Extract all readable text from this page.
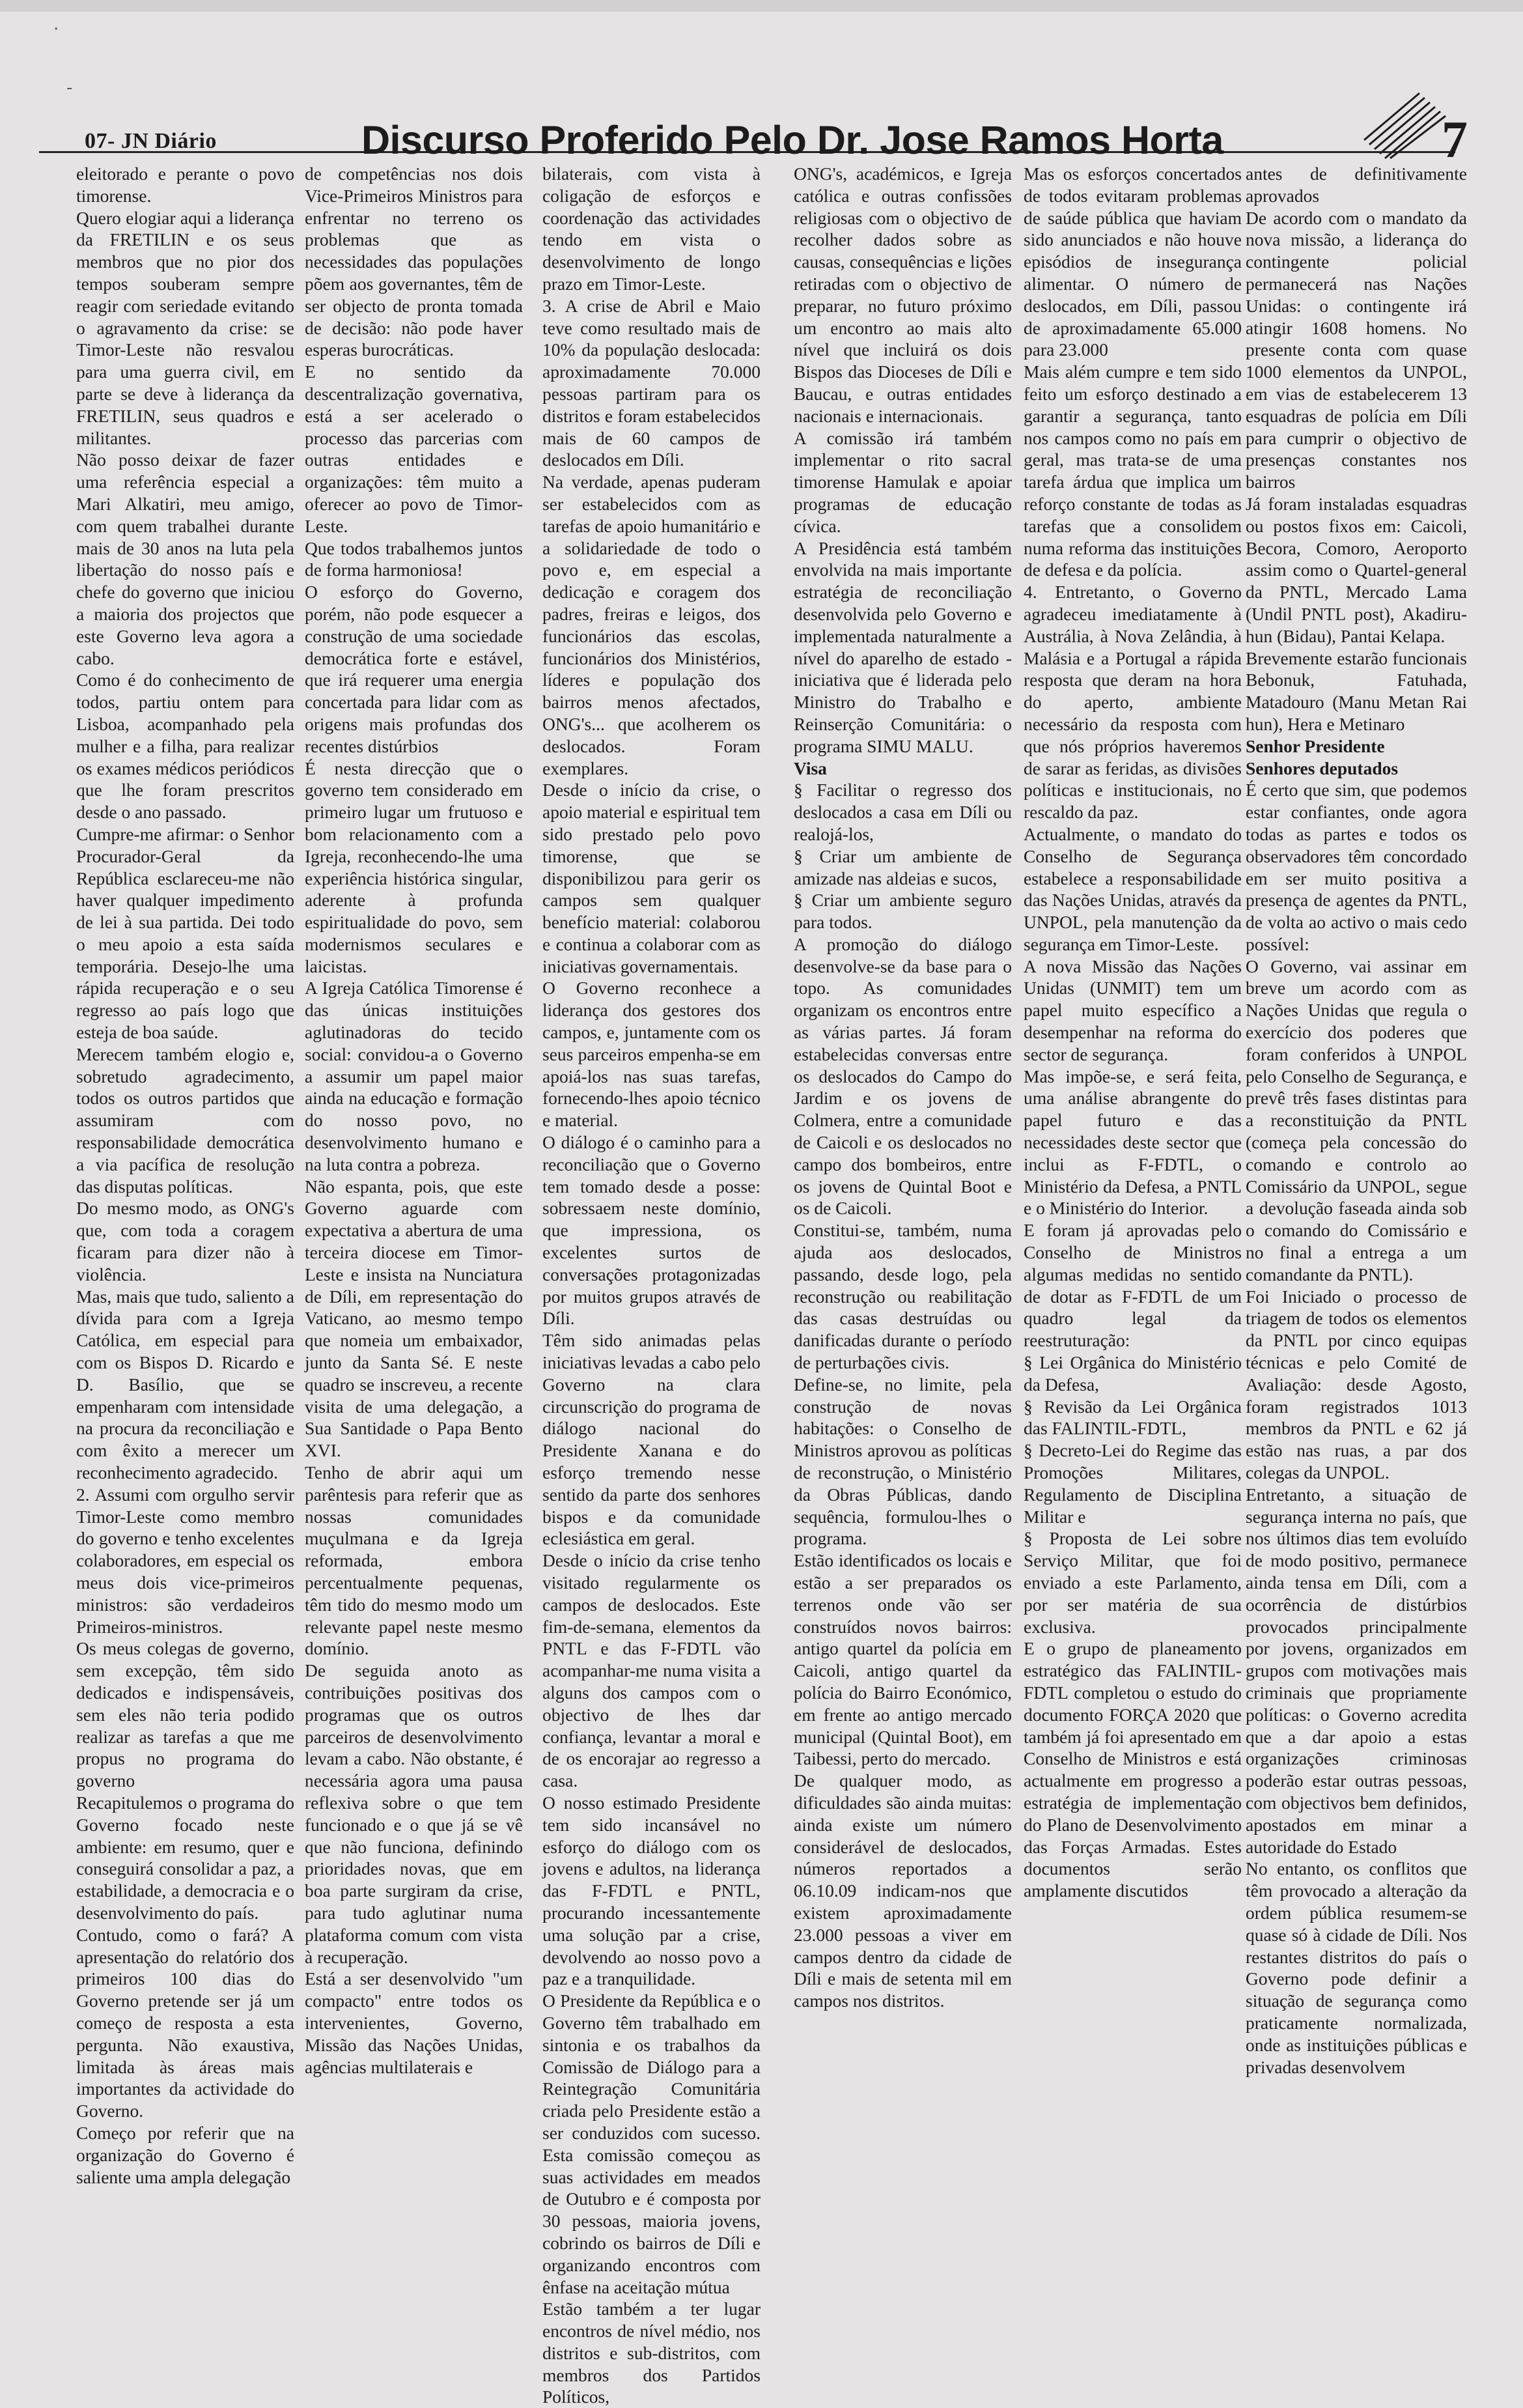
·
-
07- JN Diário	Discurso Proferido Pelo Dr. Jose Ramos Horta	7

eleitorado e perante o povo timorense.

Quero elogiar aqui a liderança da FRETILIN e os seus membros que no pior dos tempos souberam sempre reagir com seriedade evitando o agravamento da crise: se Timor-Leste não resvalou para uma guerra civil, em parte se deve à liderança da FRETILIN, seus quadros e militantes.

Não posso deixar de fazer uma referência especial a Mari Alkatiri, meu amigo, com quem trabalhei durante mais de 30 anos na luta pela libertação do nosso país e chefe do governo que iniciou a maioria dos projectos que este Governo leva agora a cabo.

Como é do conhecimento de todos, partiu ontem para Lisboa, acompanhado pela mulher e a filha, para realizar os exames médicos periódicos que lhe foram prescritos desde o ano passado.

Cumpre-me afirmar: o Senhor Procurador-Geral da República esclareceu-me não haver qualquer impedimento de lei à sua partida. Dei todo o meu apoio a esta saída temporária. Desejo-lhe uma rápida recuperação e o seu regresso ao país logo que esteja de boa saúde.

Merecem também elogio e, sobretudo agradecimento, todos os outros partidos que assumiram com responsabilidade democrática a via pacífica de resolução das disputas políticas.

Do mesmo modo, as ONG's que, com toda a coragem ficaram para dizer não à violência.

Mas, mais que tudo, saliento a dívida para com a Igreja Católica, em especial para com os Bispos D. Ricardo e D. Basílio, que se empenharam com intensidade na procura da reconciliação e com êxito a merecer um reconhecimento agradecido.

2. Assumi com orgulho servir Timor-Leste como membro do governo e tenho excelentes colaboradores, em especial os meus dois vice-primeiros ministros: são verdadeiros Primeiros-ministros.

Os meus colegas de governo, sem excepção, têm sido dedicados e indispensáveis, sem eles não teria podido realizar as tarefas a que me propus no programa do governo

Recapitulemos o programa do Governo focado neste ambiente: em resumo, quer e conseguirá consolidar a paz, a estabilidade, a democracia e o desenvolvimento do país.

Contudo, como o fará? A apresentação do relatório dos primeiros 100 dias do Governo pretende ser já um começo de resposta a esta pergunta. Não exaustiva, limitada às áreas mais importantes da actividade do Governo.

Começo por referir que na organização do Governo é saliente uma ampla delegação

de competências nos dois Vice-Primeiros Ministros para enfrentar no terreno os problemas que as necessidades das populações põem aos governantes, têm de ser objecto de pronta tomada de decisão: não pode haver esperas burocráticas.

E no sentido da descentralização governativa, está a ser acelerado o processo das parcerias com outras entidades e organizações: têm muito a oferecer ao povo de Timor-Leste.

Que todos trabalhemos juntos de forma harmoniosa!

O esforço do Governo, porém, não pode esquecer a construção de uma sociedade democrática forte e estável, que irá requerer uma energia concertada para lidar com as origens mais profundas dos recentes distúrbios

É nesta direcção que o governo tem considerado em primeiro lugar um frutuoso e bom relacionamento com a Igreja, reconhecendo-lhe uma experiência histórica singular, aderente à profunda espiritualidade do povo, sem modernismos seculares e laicistas.

A Igreja Católica Timorense é das únicas instituições aglutinadoras do tecido social: convidou-a o Governo a assumir um papel maior ainda na educação e formação do nosso povo, no desenvolvimento humano e na luta contra a pobreza.

Não espanta, pois, que este Governo aguarde com expectativa a abertura de uma terceira diocese em Timor-Leste e insista na Nunciatura de Díli, em representação do Vaticano, ao mesmo tempo que nomeia um embaixador, junto da Santa Sé. E neste quadro se inscreveu, a recente visita de uma delegação, a Sua Santidade o Papa Bento XVI.

Tenho de abrir aqui um parêntesis para referir que as nossas comunidades muçulmana e da Igreja reformada, embora percentualmente pequenas, têm tido do mesmo modo um relevante papel neste mesmo domínio.

De seguida anoto as contribuições positivas dos programas que os outros parceiros de desenvolvimento levam a cabo. Não obstante, é necessária agora uma pausa reflexiva sobre o que tem funcionado e o que já se vê que não funciona, definindo prioridades novas, que em boa parte surgiram da crise, para tudo aglutinar numa plataforma comum com vista à recuperação.

Está a ser desenvolvido "um compacto" entre todos os intervenientes, Governo, Missão das Nações Unidas, agências multilaterais e

bilaterais, com vista à coligação de esforços e coordenação das actividades tendo em vista o desenvolvimento de longo prazo em Timor-Leste.

3. A crise de Abril e Maio teve como resultado mais de 10% da população deslocada: aproximadamente 70.000 pessoas partiram para os distritos e foram estabelecidos mais de 60 campos de deslocados em Díli.

Na verdade, apenas puderam ser estabelecidos com as tarefas de apoio humanitário e a solidariedade de todo o povo e, em especial a dedicação e coragem dos padres, freiras e leigos, dos funcionários das escolas, funcionários dos Ministérios, líderes e população dos bairros menos afectados, ONG's... que acolherem os deslocados. Foram exemplares.

Desde o início da crise, o apoio material e espiritual tem sido prestado pelo povo timorense, que se disponibilizou para gerir os campos sem qualquer benefício material: colaborou e continua a colaborar com as iniciativas governamentais.

O Governo reconhece a liderança dos gestores dos campos, e, juntamente com os seus parceiros empenha-se em apoiá-los nas suas tarefas, fornecendo-lhes apoio técnico e material.

O diálogo é o caminho para a reconciliação que o Governo tem tomado desde a posse: sobressaem neste domínio, que impressiona, os excelentes surtos de conversações protagonizadas por muitos grupos através de Díli.

Têm sido animadas pelas iniciativas levadas a cabo pelo Governo na clara circunscrição do programa de diálogo nacional do Presidente Xanana e do esforço tremendo nesse sentido da parte dos senhores bispos e da comunidade eclesiástica em geral.

Desde o início da crise tenho visitado regularmente os campos de deslocados. Este fim-de-semana, elementos da PNTL e das F-FDTL vão acompanhar-me numa visita a alguns dos campos com o objectivo de lhes dar confiança, levantar a moral e de os encorajar ao regresso a casa.

O nosso estimado Presidente tem sido incansável no esforço do diálogo com os jovens e adultos, na liderança das F-FDTL e PNTL, procurando incessantemente uma solução par a crise, devolvendo ao nosso povo a paz e a tranquilidade.

O Presidente da República e o Governo têm trabalhado em sintonia e os trabalhos da Comissão de Diálogo para a Reintegração Comunitária criada pelo Presidente estão a ser conduzidos com sucesso. Esta comissão começou as suas actividades em meados de Outubro e é composta por 30 pessoas, maioria jovens, cobrindo os bairros de Díli e organizando encontros com ênfase na aceitação mútua

Estão também a ter lugar encontros de nível médio, nos distritos e sub-distritos, com membros dos Partidos Políticos,

ONG's, académicos, e Igreja católica e outras confissões religiosas com o objectivo de recolher dados sobre as causas, consequências e lições retiradas com o objectivo de preparar, no futuro próximo um encontro ao mais alto nível que incluirá os dois Bispos das Dioceses de Díli e Baucau, e outras entidades nacionais e internacionais.

A comissão irá também implementar o rito sacral timorense Hamulak e apoiar programas de educação cívica.

A Presidência está também envolvida na mais importante estratégia de reconciliação desenvolvida pelo Governo e implementada naturalmente a nível do aparelho de estado - iniciativa que é liderada pelo Ministro do Trabalho e Reinserção Comunitária: o programa SIMU MALU.

Visa

§ Facilitar o regresso dos deslocados a casa em Díli ou realojá-los,

§ Criar um ambiente de amizade nas aldeias e sucos,

§ Criar um ambiente seguro para todos.

A promoção do diálogo desenvolve-se da base para o topo. As comunidades organizam os encontros entre as várias partes. Já foram estabelecidas conversas entre os deslocados do Campo do Jardim e os jovens de Colmera, entre a comunidade de Caicoli e os deslocados no campo dos bombeiros, entre os jovens de Quintal Boot e os de Caicoli.

Constitui-se, também, numa ajuda aos deslocados, passando, desde logo, pela reconstrução ou reabilitação das casas destruídas ou danificadas durante o período de perturbações civis.

Define-se, no limite, pela construção de novas habitações: o Conselho de Ministros aprovou as políticas de reconstrução, o Ministério da Obras Públicas, dando sequência, formulou-lhes o programa.

Estão identificados os locais e estão a ser preparados os terrenos onde vão ser construídos novos bairros: antigo quartel da polícia em Caicoli, antigo quartel da polícia do Bairro Económico, em frente ao antigo mercado municipal (Quintal Boot), em Taibessi, perto do mercado.

De qualquer modo, as dificuldades são ainda muitas: ainda existe um número considerável de deslocados, números reportados a 06.10.09 indicam-nos que existem aproximadamente 23.000 pessoas a viver em campos dentro da cidade de Díli e mais de setenta mil em campos nos distritos.

Mas os esforços concertados de todos evitaram problemas de saúde pública que haviam sido anunciados e não houve episódios de insegurança alimentar. O número de deslocados, em Díli, passou de aproximadamente 65.000 para 23.000

Mais além cumpre e tem sido feito um esforço destinado a garantir a segurança, tanto nos campos como no país em geral, mas trata-se de uma tarefa árdua que implica um reforço constante de todas as tarefas que a consolidem numa reforma das instituições de defesa e da polícia.

4. Entretanto, o Governo agradeceu imediatamente à Austrália, à Nova Zelândia, à Malásia e a Portugal a rápida resposta que deram na hora do aperto, ambiente necessário da resposta com que nós próprios haveremos de sarar as feridas, as divisões políticas e institucionais, no rescaldo da paz.

Actualmente, o mandato do Conselho de Segurança estabelece a responsabilidade das Nações Unidas, através da UNPOL, pela manutenção da segurança em Timor-Leste.

A nova Missão das Nações Unidas (UNMIT) tem um papel muito específico a desempenhar na reforma do sector de segurança.

Mas impõe-se, e será feita, uma análise abrangente do papel futuro e das necessidades deste sector que inclui as F-FDTL, o Ministério da Defesa, a PNTL e o Ministério do Interior.

E foram já aprovadas pelo Conselho de Ministros algumas medidas no sentido de dotar as F-FDTL de um quadro legal da reestruturação:

§ Lei Orgânica do Ministério da Defesa,

§ Revisão da Lei Orgânica das FALINTIL-FDTL,

§ Decreto-Lei do Regime das Promoções Militares, Regulamento de Disciplina Militar e

§ Proposta de Lei sobre Serviço Militar, que foi enviado a este Parlamento, por ser matéria de sua exclusiva.

E o grupo de planeamento estratégico das FALINTIL-FDTL completou o estudo do documento FORÇA 2020 que também já foi apresentado em Conselho de Ministros e está actualmente em progresso a estratégia de implementação do Plano de Desenvolvimento das Forças Armadas. Estes documentos serão amplamente discutidos

antes de definitivamente aprovados

De acordo com o mandato da nova missão, a liderança do contingente policial permanecerá nas Nações Unidas: o contingente irá atingir 1608 homens. No presente conta com quase 1000 elementos da UNPOL, em vias de estabelecerem 13 esquadras de polícia em Díli para cumprir o objectivo de presenças constantes nos bairros

Já foram instaladas esquadras ou postos fixos em: Caicoli, Becora, Comoro, Aeroporto assim como o Quartel-general da PNTL, Mercado Lama (Undil PNTL post), Akadiru-hun (Bidau), Pantai Kelapa.

Brevemente estarão funcionais Bebonuk, Fatuhada, Matadouro (Manu Metan Rai hun), Hera e Metinaro

Senhor Presidente

Senhores deputados

É certo que sim, que podemos estar confiantes, onde agora todas as partes e todos os observadores têm concordado em ser muito positiva a presença de agentes da PNTL, de volta ao activo o mais cedo possível:

O Governo, vai assinar em breve um acordo com as Nações Unidas que regula o exercício dos poderes que foram conferidos à UNPOL pelo Conselho de Segurança, e prevê três fases distintas para a reconstituição da PNTL (começa pela concessão do comando e controlo ao Comissário da UNPOL, segue a devolução faseada ainda sob o comando do Comissário e no final a entrega a um comandante da PNTL).

Foi Iniciado o processo de triagem de todos os elementos da PNTL por cinco equipas técnicas e pelo Comité de Avaliação: desde Agosto, foram registrados 1013 membros da PNTL e 62 já estão nas ruas, a par dos colegas da UNPOL.

Entretanto, a situação de segurança interna no país, que nos últimos dias tem evoluído de modo positivo, permanece ainda tensa em Díli, com a ocorrência de distúrbios provocados principalmente por jovens, organizados em grupos com motivações mais criminais que propriamente políticas: o Governo acredita que a dar apoio a estas organizações criminosas poderão estar outras pessoas, com objectivos bem definidos, apostados em minar a autoridade do Estado

No entanto, os conflitos que têm provocado a alteração da ordem pública resumem-se quase só à cidade de Díli. Nos restantes distritos do país o Governo pode definir a situação de segurança como praticamente normalizada, onde as instituições públicas e privadas desenvolvem
